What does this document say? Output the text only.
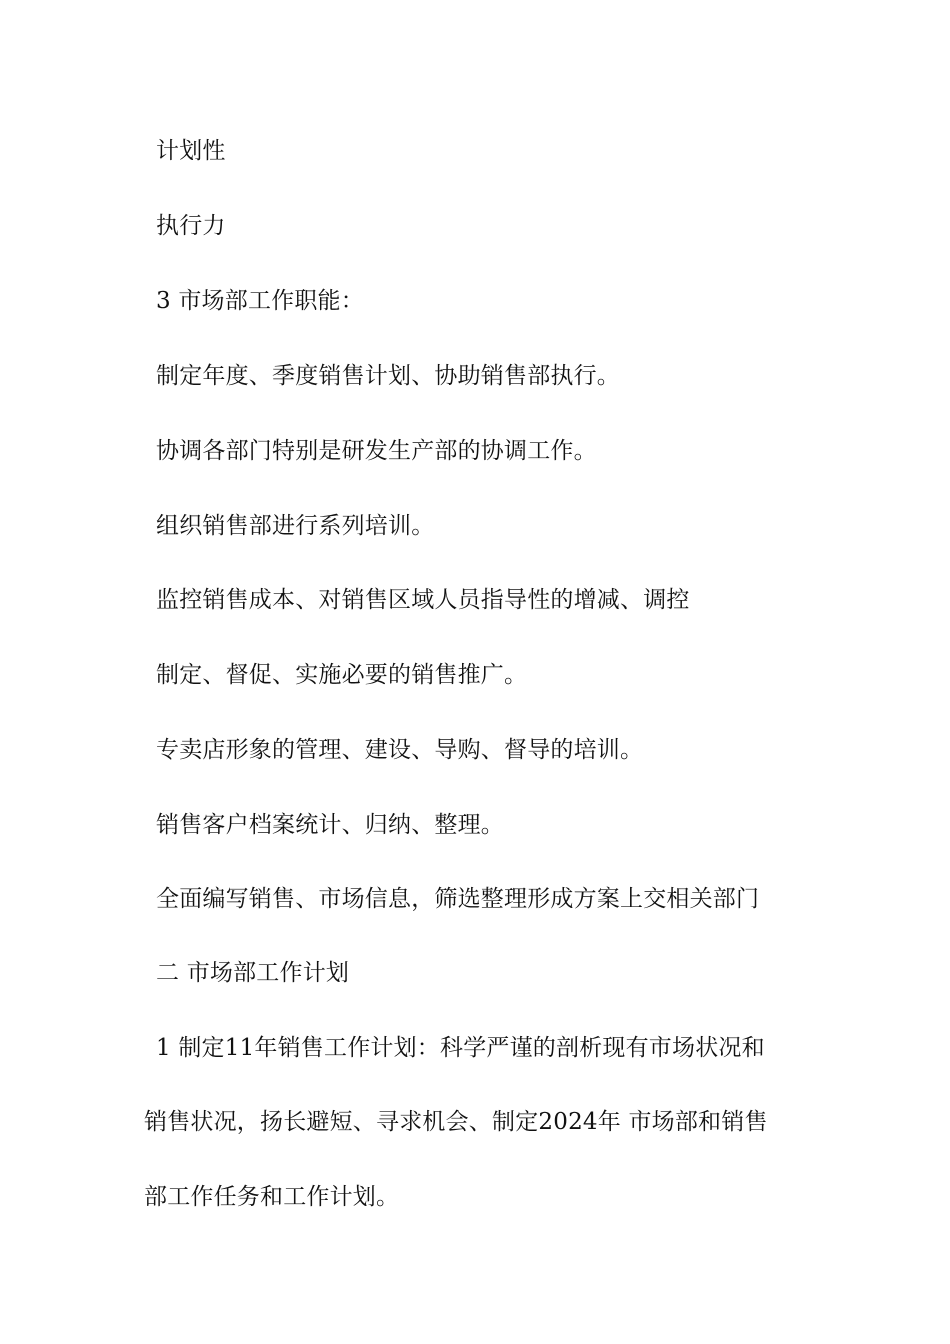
计划性
执行力
3 市场部工作职能：
制定年度、季度销售计划、协助销售部执行。
协调各部门特别是研发生产部的协调工作。
组织销售部进行系列培训。
监控销售成本、对销售区域人员指导性的增减、调控
制定、督促、实施必要的销售推广。
专卖店形象的管理、建设、导购、督导的培训。
销售客户档案统计、归纳、整理。
全面编写销售、市场信息，筛选整理形成方案上交相关部门
二 市场部工作计划
1 制定11年销售工作计划：科学严谨的剖析现有市场状况和
销售状况，扬长避短、寻求机会、制定2024年 市场部和销售
部工作任务和工作计划。
